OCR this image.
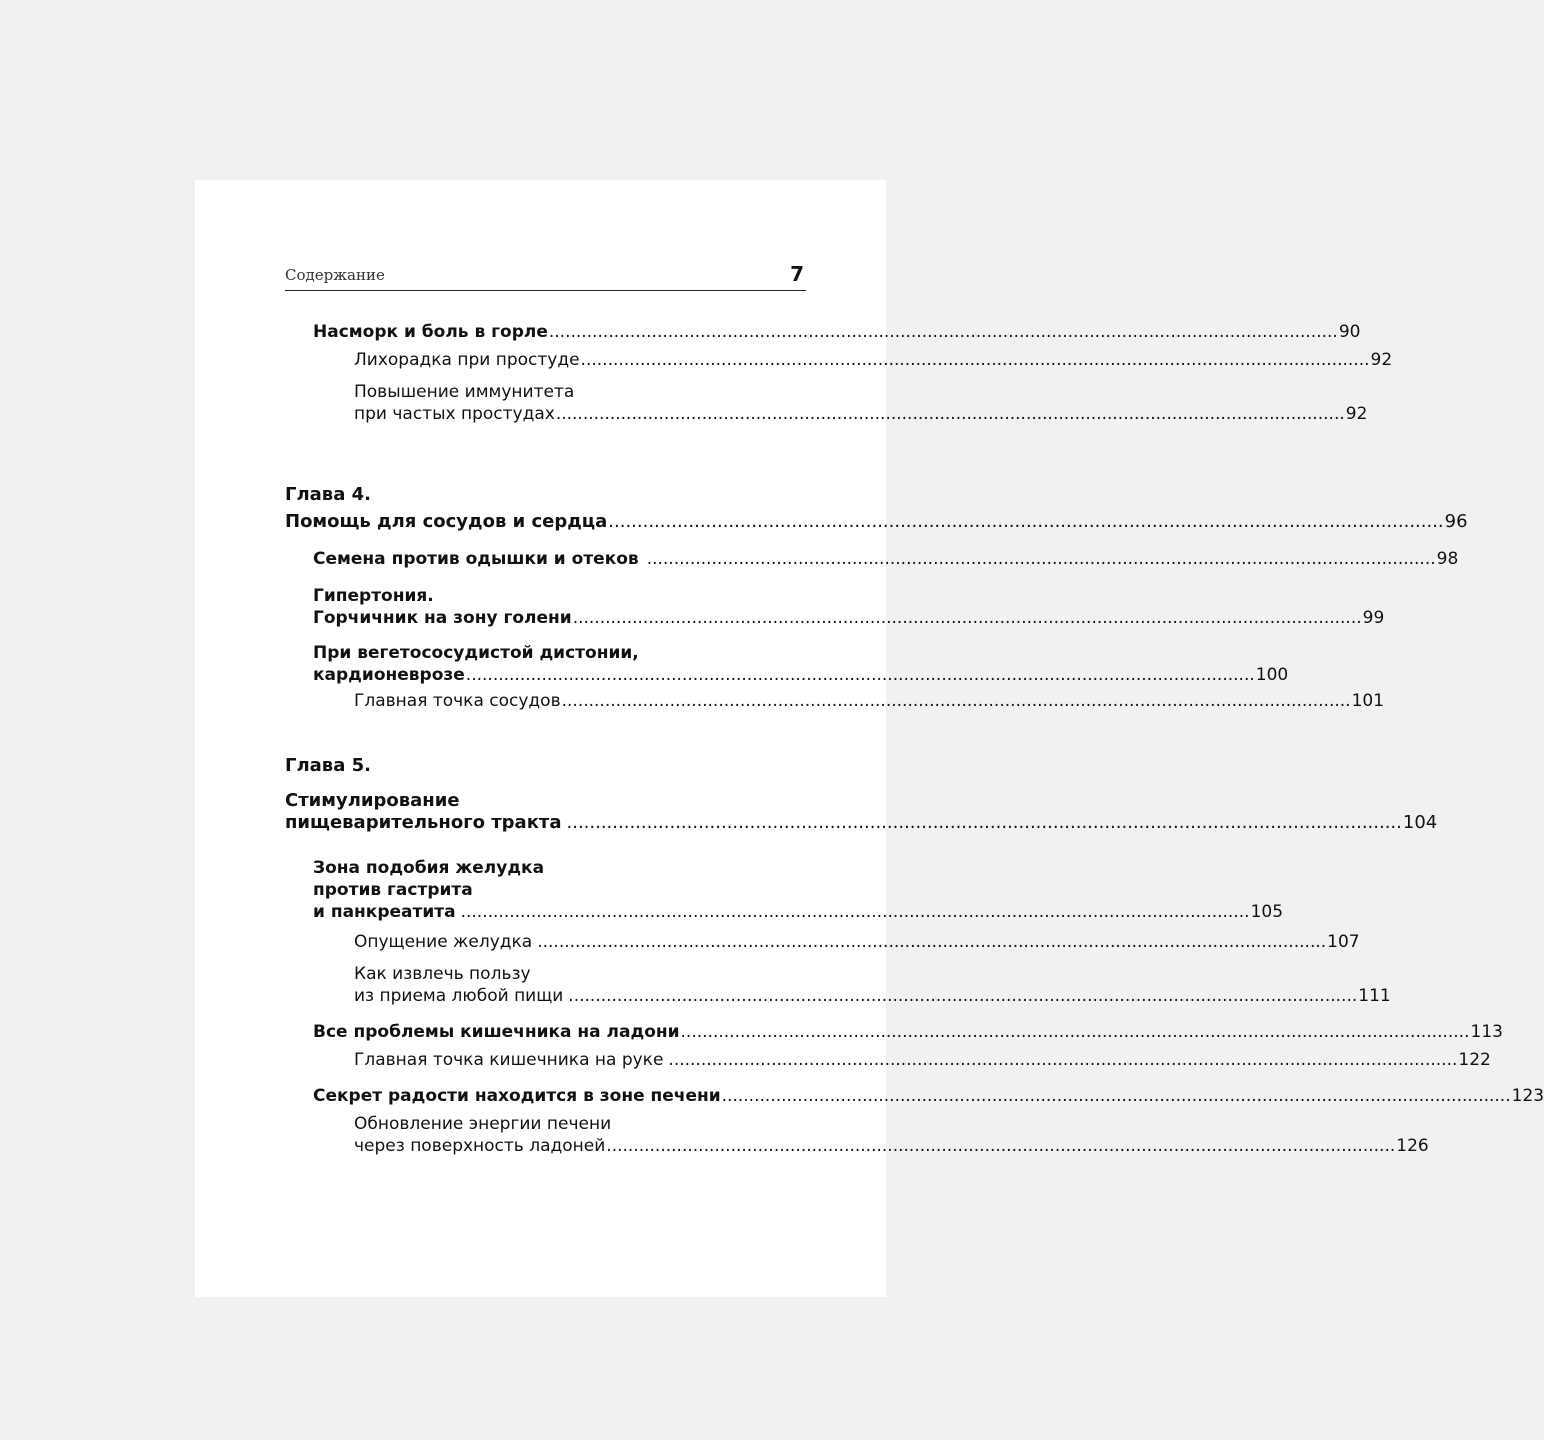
Содержание	7
Насморк и боль в горле .................................................................................................................................................. 90
Лихорадка при простуде .................................................................................................................................................. 92
Повышение иммунитета
при частых простудах .................................................................................................................................................. 92
Глава 4.
Помощь для сосудов и сердца .................................................................................................................................................. 96
Семена против одышки и отеков .................................................................................................................................................. 98
Гипертония.
Горчичник на зону голени .................................................................................................................................................. 99
При вегетососудистой дистонии,
кардионеврозе .................................................................................................................................................. 100
Главная точка сосудов .................................................................................................................................................. 101
Глава 5.
Стимулирование
пищеварительного тракта .................................................................................................................................................. 104
Зона подобия желудка
против гастрита
и панкреатита .................................................................................................................................................. 105
Опущение желудка .................................................................................................................................................. 107
Как извлечь пользу
из приема любой пищи .................................................................................................................................................. 111
Все проблемы кишечника на ладони .................................................................................................................................................. 113
Главная точка кишечника на руке .................................................................................................................................................. 122
Секрет радости находится в зоне печени .................................................................................................................................................. 123
Обновление энергии печени
через поверхность ладоней .................................................................................................................................................. 126
